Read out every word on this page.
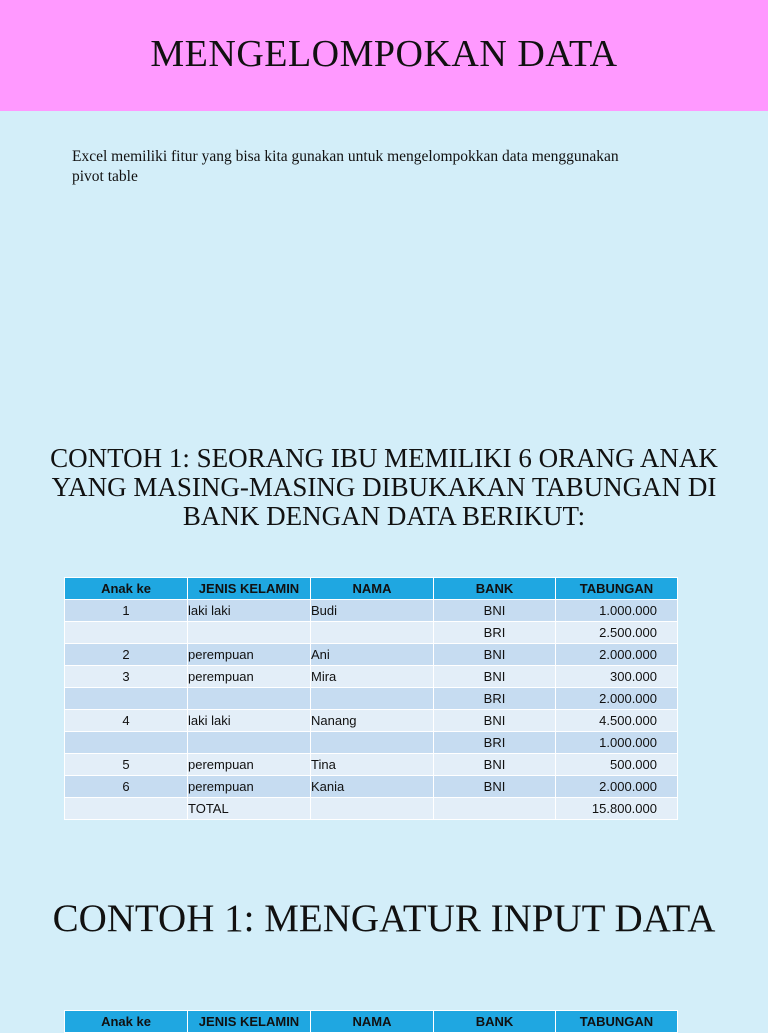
MENGELOMPOKAN DATA
Excel memiliki fitur yang bisa kita gunakan untuk mengelompokkan data menggunakan pivot table
CONTOH 1: SEORANG IBU MEMILIKI 6 ORANG ANAK YANG MASING-MASING DIBUKAKAN TABUNGAN DI BANK DENGAN DATA BERIKUT:
Anak ke	JENIS KELAMIN	NAMA	BANK	TABUNGAN
1	laki laki	Budi	BNI	1.000.000
			BRI	2.500.000
2	perempuan	Ani	BNI	2.000.000
3	perempuan	Mira	BNI	300.000
			BRI	2.000.000
4	laki laki	Nanang	BNI	4.500.000
			BRI	1.000.000
5	perempuan	Tina	BNI	500.000
6	perempuan	Kania	BNI	2.000.000
	TOTAL			15.800.000
CONTOH 1: MENGATUR INPUT DATA
Anak ke	JENIS KELAMIN	NAMA	BANK	TABUNGAN
